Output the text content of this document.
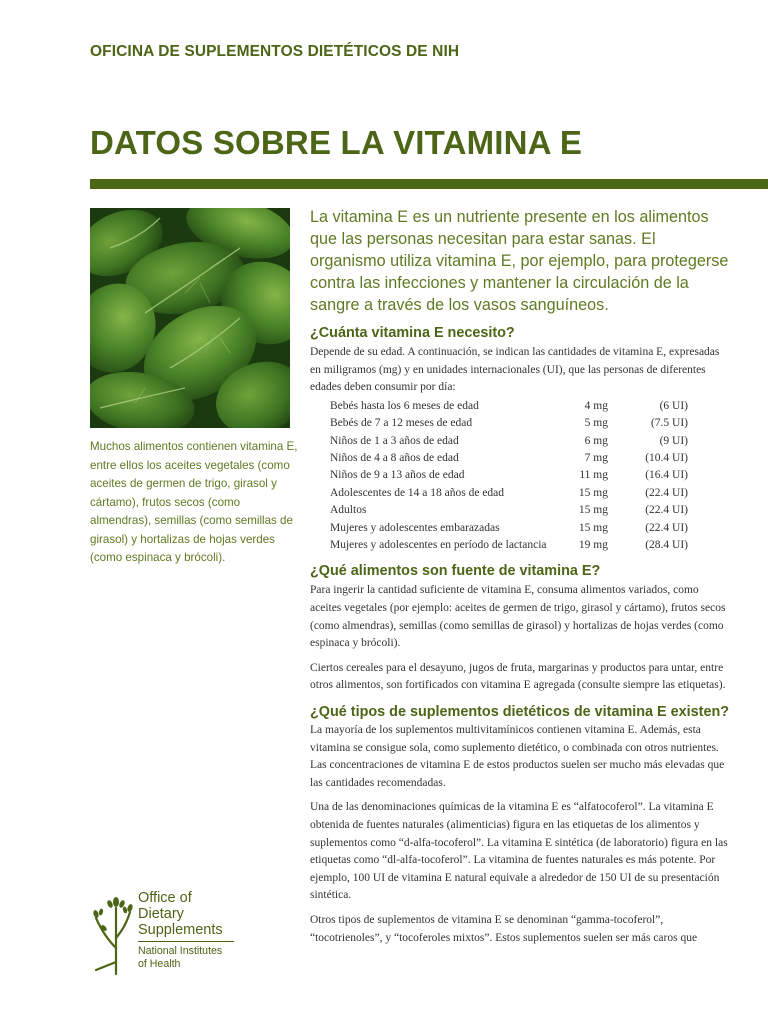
OFICINA DE SUPLEMENTOS DIETÉTICOS DE NIH
DATOS SOBRE LA VITAMINA E
Muchos alimentos contienen vitamina E, entre ellos los aceites vegetales (como aceites de germen de trigo, girasol y cártamo), frutos secos (como almendras), semillas (como semillas de girasol) y hortalizas de hojas verdes (como espinaca y brócoli).

La vitamina E es un nutriente presente en los alimentos que las personas necesitan para estar sanas. El organismo utiliza vitamina E, por ejemplo, para protegerse contra las infecciones y mantener la circulación de la sangre a través de los vasos sanguíneos.

¿Cuánta vitamina E necesito?

Depende de su edad. A continuación, se indican las cantidades de vitamina E, expresadas en miligramos (mg) y en unidades internacionales (UI), que las personas de diferentes edades deben consumir por día:

Bebés hasta los 6 meses de edad	4 mg	(6 UI)
Bebés de 7 a 12 meses de edad	5 mg	(7.5 UI)
Niños de 1 a 3 años de edad	6 mg	(9 UI)
Niños de 4 a 8 años de edad	7 mg	(10.4 UI)
Niños de 9 a 13 años de edad	11 mg	(16.4 UI)
Adolescentes de 14 a 18 años de edad	15 mg	(22.4 UI)
Adultos	15 mg	(22.4 UI)
Mujeres y adolescentes embarazadas	15 mg	(22.4 UI)
Mujeres y adolescentes en período de lactancia	19 mg	(28.4 UI)
¿Qué alimentos son fuente de vitamina E?

Para ingerir la cantidad suficiente de vitamina E, consuma alimentos variados, como aceites vegetales (por ejemplo: aceites de germen de trigo, girasol y cártamo), frutos secos (como almendras), semillas (como semillas de girasol) y hortalizas de hojas verdes (como espinaca y brócoli).

Ciertos cereales para el desayuno, jugos de fruta, margarinas y productos para untar, entre otros alimentos, son fortificados con vitamina E agregada (consulte siempre las etiquetas).

¿Qué tipos de suplementos dietéticos de vitamina E existen?

La mayoría de los suplementos multivitamínicos contienen vitamina E. Además, esta vitamina se consigue sola, como suplemento dietético, o combinada con otros nutrientes. Las concentraciones de vitamina E de estos productos suelen ser mucho más elevadas que las cantidades recomendadas.

Una de las denominaciones químicas de la vitamina E es “alfatocoferol”. La vitamina E obtenida de fuentes naturales (alimenticias) figura en las etiquetas de los alimentos y suplementos como “d-alfa-tocoferol”. La vitamina E sintética (de laboratorio) figura en las etiquetas como “dl-alfa-tocoferol”. La vitamina de fuentes naturales es más potente. Por ejemplo, 100 UI de vitamina E natural equivale a alrededor de 150 UI de su presentación sintética.

Otros tipos de suplementos de vitamina E se denominan “gamma-tocoferol”, “tocotrienoles”, y “tocoferoles mixtos”. Estos suplementos suelen ser más caros que

Office of
Dietary
Supplements
National Institutes
of Health
